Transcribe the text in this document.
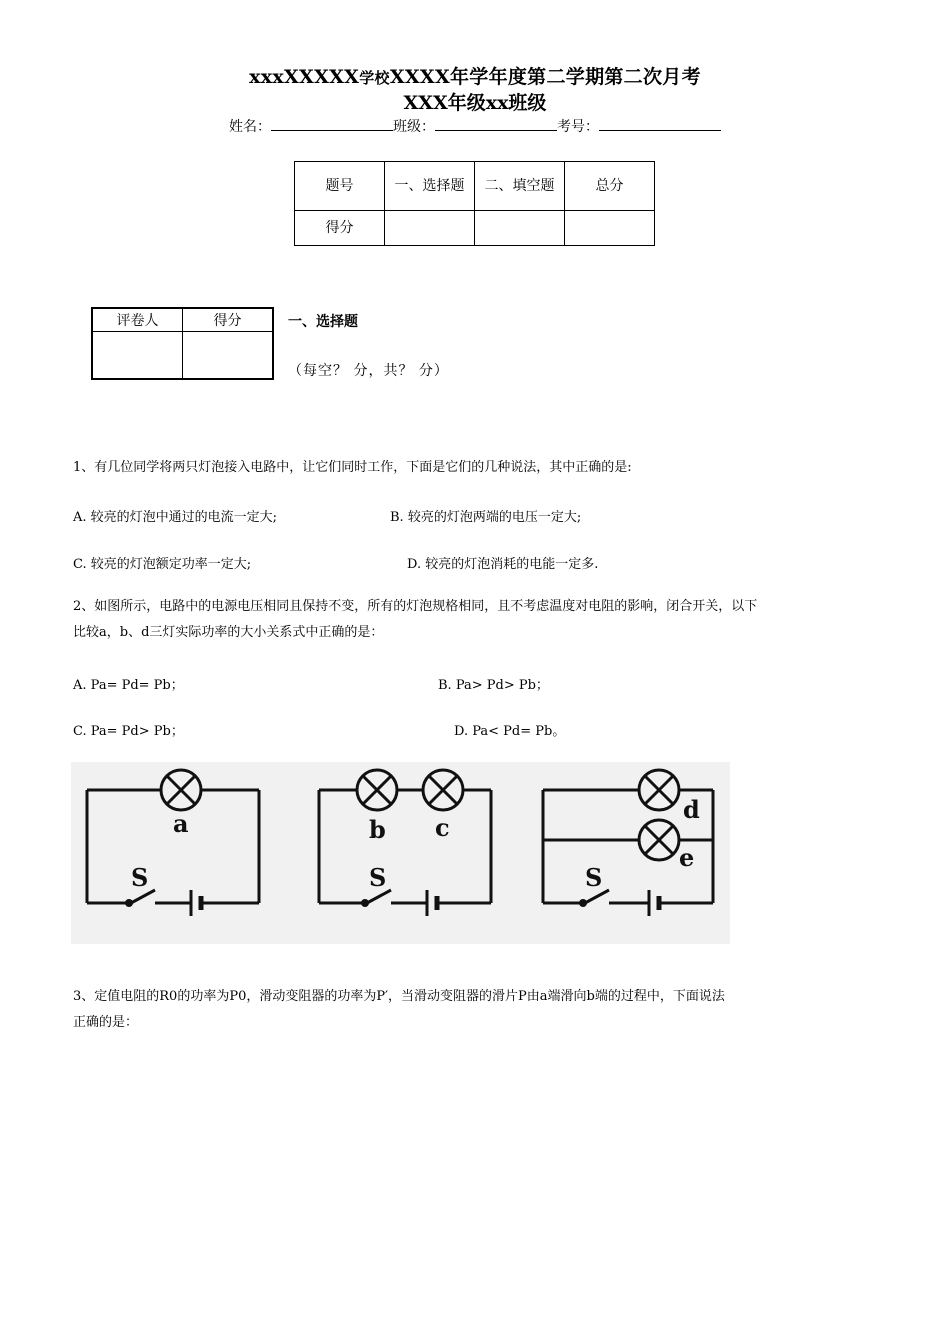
xxxXXXXX学校XXXX年学年度第二学期第二次月考
XXX年级xx班级
姓名：	班级：	考号：
题号	一、选择题	二、填空题	总分
得分			
评卷人	得分
		一、选择题
（每空？ 分，共？ 分）
1、有几位同学将两只灯泡接入电路中，让它们同时工作，下面是它们的几种说法，其中正确的是:
A. 较亮的灯泡中通过的电流一定大;	B. 较亮的灯泡两端的电压一定大;
C. 较亮的灯泡额定功率一定大;	D. 较亮的灯泡消耗的电能一定多.
2、如图所示，电路中的电源电压相同且保持不变，所有的灯泡规格相同，且不考虑温度对电阻的影响，闭合开关，以下
比较a，b、d三灯实际功率的大小关系式中正确的是：
A. Pa= Pd= Pb；	B. Pa> Pd> Pb；
C. Pa= Pd> Pb；	D. Pa< Pd= Pb。
a
S
b c
S
d
e
S
3、定值电阻的R0的功率为P0，滑动变阻器的功率为P′，当滑动变阻器的滑片P由a端滑向b端的过程中，下面说法
正确的是：
